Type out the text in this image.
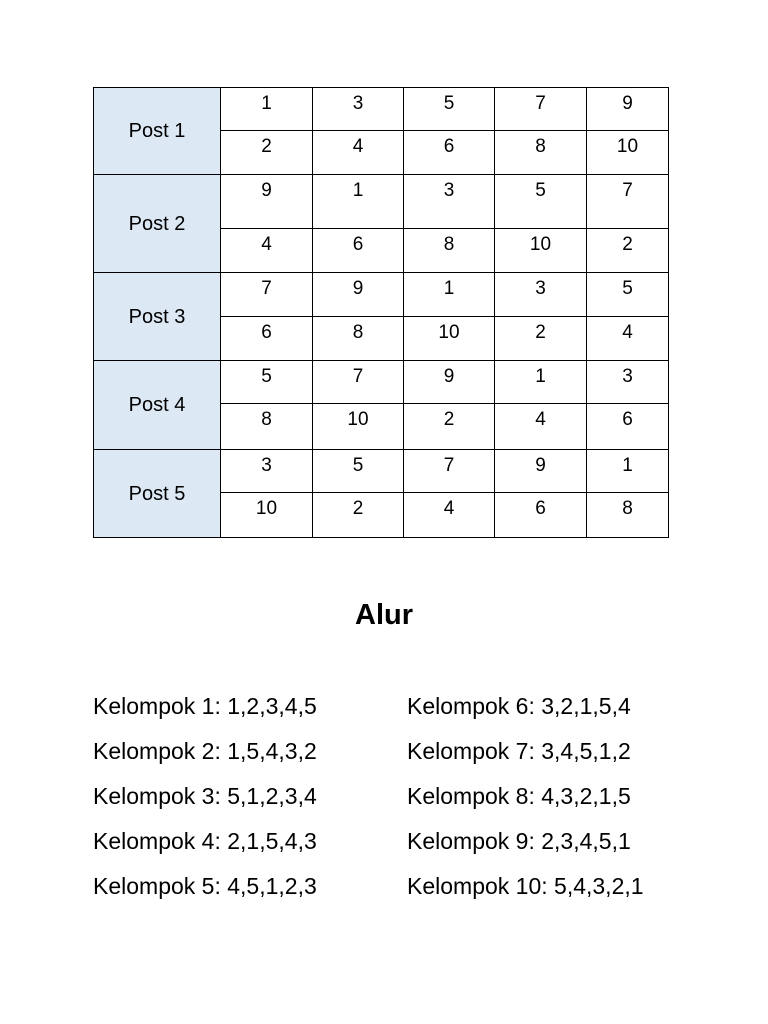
Post 1	1	3	5	7	9
	2	4	6	8	10
Post 2	9	1	3	5	7
	4	6	8	10	2
Post 3	7	9	1	3	5
	6	8	10	2	4
Post 4	5	7	9	1	3
	8	10	2	4	6
Post 5	3	5	7	9	1
	10	2	4	6	8
Alur
Kelompok 1: 1,2,3,4,5
Kelompok 2: 1,5,4,3,2
Kelompok 3: 5,1,2,3,4
Kelompok 4: 2,1,5,4,3
Kelompok 5: 4,5,1,2,3
Kelompok 6: 3,2,1,5,4
Kelompok 7: 3,4,5,1,2
Kelompok 8: 4,3,2,1,5
Kelompok 9: 2,3,4,5,1
Kelompok 10: 5,4,3,2,1
